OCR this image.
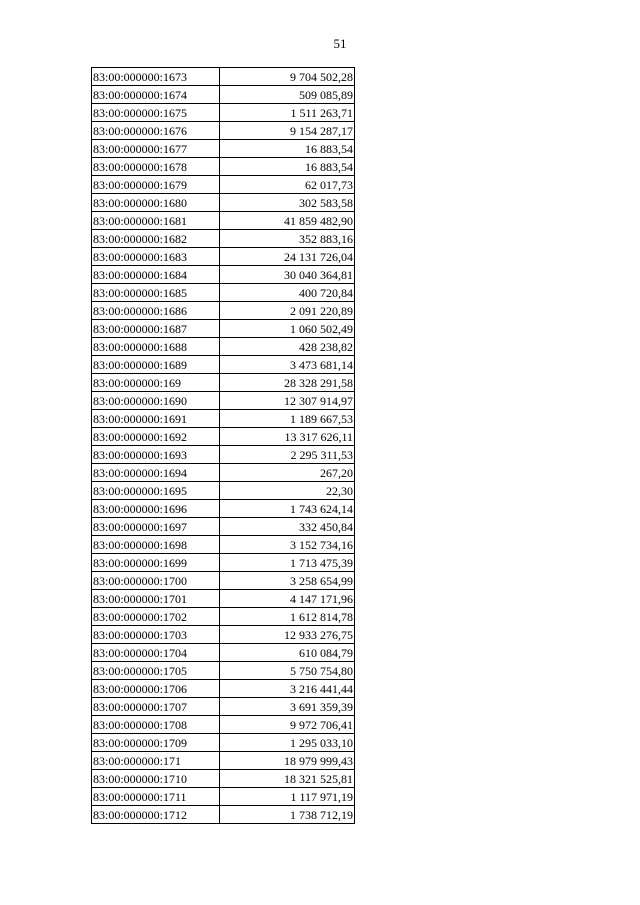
51
83:00:000000:1673	9 704 502,28
83:00:000000:1674	509 085,89
83:00:000000:1675	1 511 263,71
83:00:000000:1676	9 154 287,17
83:00:000000:1677	16 883,54
83:00:000000:1678	16 883,54
83:00:000000:1679	62 017,73
83:00:000000:1680	302 583,58
83:00:000000:1681	41 859 482,90
83:00:000000:1682	352 883,16
83:00:000000:1683	24 131 726,04
83:00:000000:1684	30 040 364,81
83:00:000000:1685	400 720,84
83:00:000000:1686	2 091 220,89
83:00:000000:1687	1 060 502,49
83:00:000000:1688	428 238,82
83:00:000000:1689	3 473 681,14
83:00:000000:169	28 328 291,58
83:00:000000:1690	12 307 914,97
83:00:000000:1691	1 189 667,53
83:00:000000:1692	13 317 626,11
83:00:000000:1693	2 295 311,53
83:00:000000:1694	267,20
83:00:000000:1695	22,30
83:00:000000:1696	1 743 624,14
83:00:000000:1697	332 450,84
83:00:000000:1698	3 152 734,16
83:00:000000:1699	1 713 475,39
83:00:000000:1700	3 258 654,99
83:00:000000:1701	4 147 171,96
83:00:000000:1702	1 612 814,78
83:00:000000:1703	12 933 276,75
83:00:000000:1704	610 084,79
83:00:000000:1705	5 750 754,80
83:00:000000:1706	3 216 441,44
83:00:000000:1707	3 691 359,39
83:00:000000:1708	9 972 706,41
83:00:000000:1709	1 295 033,10
83:00:000000:171	18 979 999,43
83:00:000000:1710	18 321 525,81
83:00:000000:1711	1 117 971,19
83:00:000000:1712	1 738 712,19
